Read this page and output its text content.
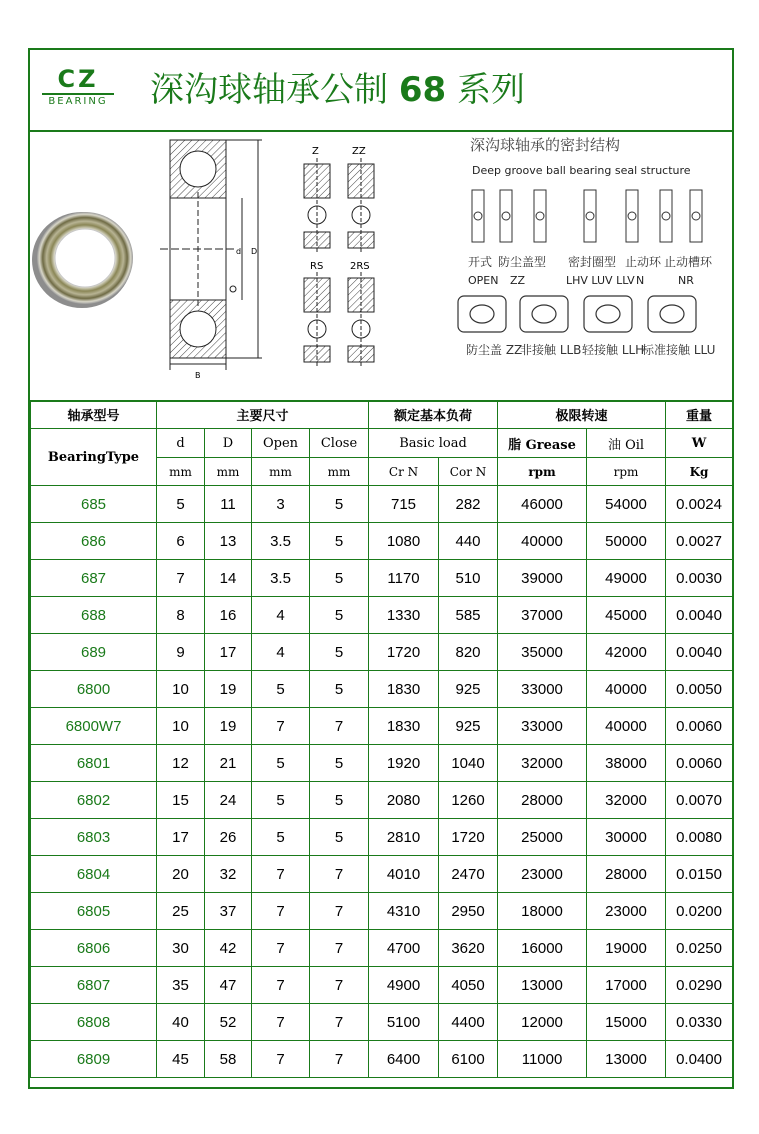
CZ
BEARING 深沟球轴承公制 68 系列
B
d D
Z	ZZ
RS	2RS
深沟球轴承的密封结构
Deep groove ball bearing seal structure
开式 防尘盖型 密封圈型 止动环 止动槽环
OPEN ZZ	LHV LUV LLV N	NR
防尘盖 ZZ
非接触 LLB 轻接触 LLH
标准接触 LLU
轴承型号	主要尺寸				额定基本负荷		极限转速		重量
BearingType	d	D	Open	Close	Basic load		脂 Grease	油 Oil	W
	mm	mm	mm	mm	Cr N	Cor N	rpm	rpm	Kg
685	5	11	3	5	715	282	46000	54000	0.0024
686	6	13	3.5	5	1080	440	40000	50000	0.0027
687	7	14	3.5	5	1170	510	39000	49000	0.0030
688	8	16	4	5	1330	585	37000	45000	0.0040
689	9	17	4	5	1720	820	35000	42000	0.0040
6800	10	19	5	5	1830	925	33000	40000	0.0050
6800W7	10	19	7	7	1830	925	33000	40000	0.0060
6801	12	21	5	5	1920	1040	32000	38000	0.0060
6802	15	24	5	5	2080	1260	28000	32000	0.0070
6803	17	26	5	5	2810	1720	25000	30000	0.0080
6804	20	32	7	7	4010	2470	23000	28000	0.0150
6805	25	37	7	7	4310	2950	18000	23000	0.0200
6806	30	42	7	7	4700	3620	16000	19000	0.0250
6807	35	47	7	7	4900	4050	13000	17000	0.0290
6808	40	52	7	7	5100	4400	12000	15000	0.0330
6809	45	58	7	7	6400	6100	11000	13000	0.0400
